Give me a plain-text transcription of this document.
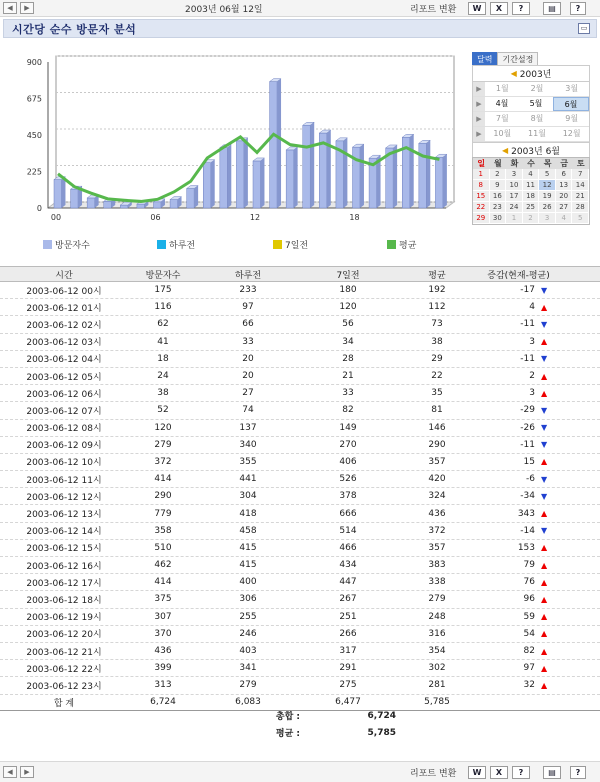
◀	▶	2003년 06월 12일	리포트 변환	W	X	?	▤	?
시간당 순수 방문자 분석	▭
0
225
450
675
900
00	06	12	18
방문자수	하루전	7일전	평균
달력	기간설정
◀ 2003년
▶	1월	2월	3월
▶	4월	5월	6월
▶	7월	8월	9월
▶	10월	11월	12월
◀ 2003년 6월
일	월	화	수	목	금	토
1	2	3	4	5	6	7
8	9	10	11	12	13	14
15	16	17	18	19	20	21
22	23	24	25	26	27	28
29	30	1	2	3	4	5
시간	방문자수	하루전	7일전	평균	증감(현재-평균)
2003-06-12 00시	175	233	180	192	-17 ▼
2003-06-12 01시	116	97	120	112	4 ▲
2003-06-12 02시	62	66	56	73	-11 ▼
2003-06-12 03시	41	33	34	38	3 ▲
2003-06-12 04시	18	20	28	29	-11 ▼
2003-06-12 05시	24	20	21	22	2 ▲
2003-06-12 06시	38	27	33	35	3 ▲
2003-06-12 07시	52	74	82	81	-29 ▼
2003-06-12 08시	120	137	149	146	-26 ▼
2003-06-12 09시	279	340	270	290	-11 ▼
2003-06-12 10시	372	355	406	357	15 ▲
2003-06-12 11시	414	441	526	420	-6 ▼
2003-06-12 12시	290	304	378	324	-34 ▼
2003-06-12 13시	779	418	666	436	343 ▲
2003-06-12 14시	358	458	514	372	-14 ▼
2003-06-12 15시	510	415	466	357	153 ▲
2003-06-12 16시	462	415	434	383	79 ▲
2003-06-12 17시	414	400	447	338	76 ▲
2003-06-12 18시	375	306	267	279	96 ▲
2003-06-12 19시	307	255	251	248	59 ▲
2003-06-12 20시	370	246	266	316	54 ▲
2003-06-12 21시	436	403	317	354	82 ▲
2003-06-12 22시	399	341	291	302	97 ▲
2003-06-12 23시	313	279	275	281	32 ▲
합 계	6,724	6,083	6,477	5,785
총합 :	6,724
평균 :	5,785
◀	▶	리포트 변환	W	X	?	▤	?
